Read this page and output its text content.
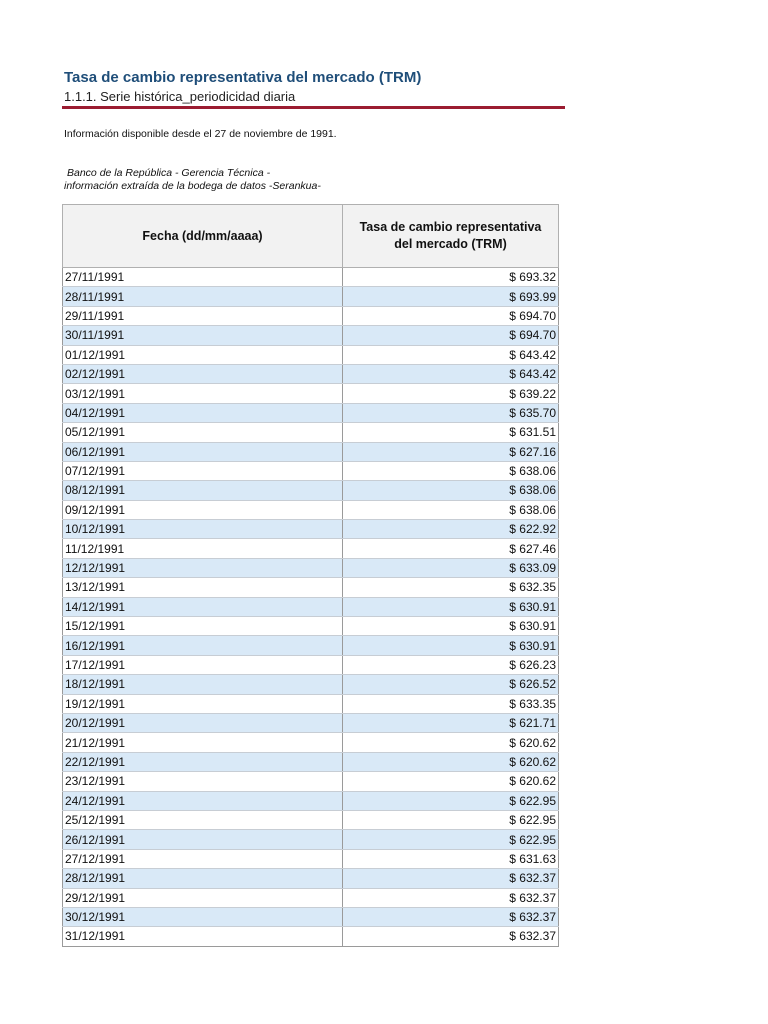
Tasa de cambio representativa del mercado (TRM)
1.1.1. Serie histórica_periodicidad diaria
Información disponible desde el 27 de noviembre de 1991.
Banco de la República - Gerencia Técnica -
información extraída de la bodega de datos -Serankua-
Fecha (dd/mm/aaaa)	Tasa de cambio representativa del mercado (TRM)
27/11/1991	$ 693.32
28/11/1991	$ 693.99
29/11/1991	$ 694.70
30/11/1991	$ 694.70
01/12/1991	$ 643.42
02/12/1991	$ 643.42
03/12/1991	$ 639.22
04/12/1991	$ 635.70
05/12/1991	$ 631.51
06/12/1991	$ 627.16
07/12/1991	$ 638.06
08/12/1991	$ 638.06
09/12/1991	$ 638.06
10/12/1991	$ 622.92
11/12/1991	$ 627.46
12/12/1991	$ 633.09
13/12/1991	$ 632.35
14/12/1991	$ 630.91
15/12/1991	$ 630.91
16/12/1991	$ 630.91
17/12/1991	$ 626.23
18/12/1991	$ 626.52
19/12/1991	$ 633.35
20/12/1991	$ 621.71
21/12/1991	$ 620.62
22/12/1991	$ 620.62
23/12/1991	$ 620.62
24/12/1991	$ 622.95
25/12/1991	$ 622.95
26/12/1991	$ 622.95
27/12/1991	$ 631.63
28/12/1991	$ 632.37
29/12/1991	$ 632.37
30/12/1991	$ 632.37
31/12/1991	$ 632.37
